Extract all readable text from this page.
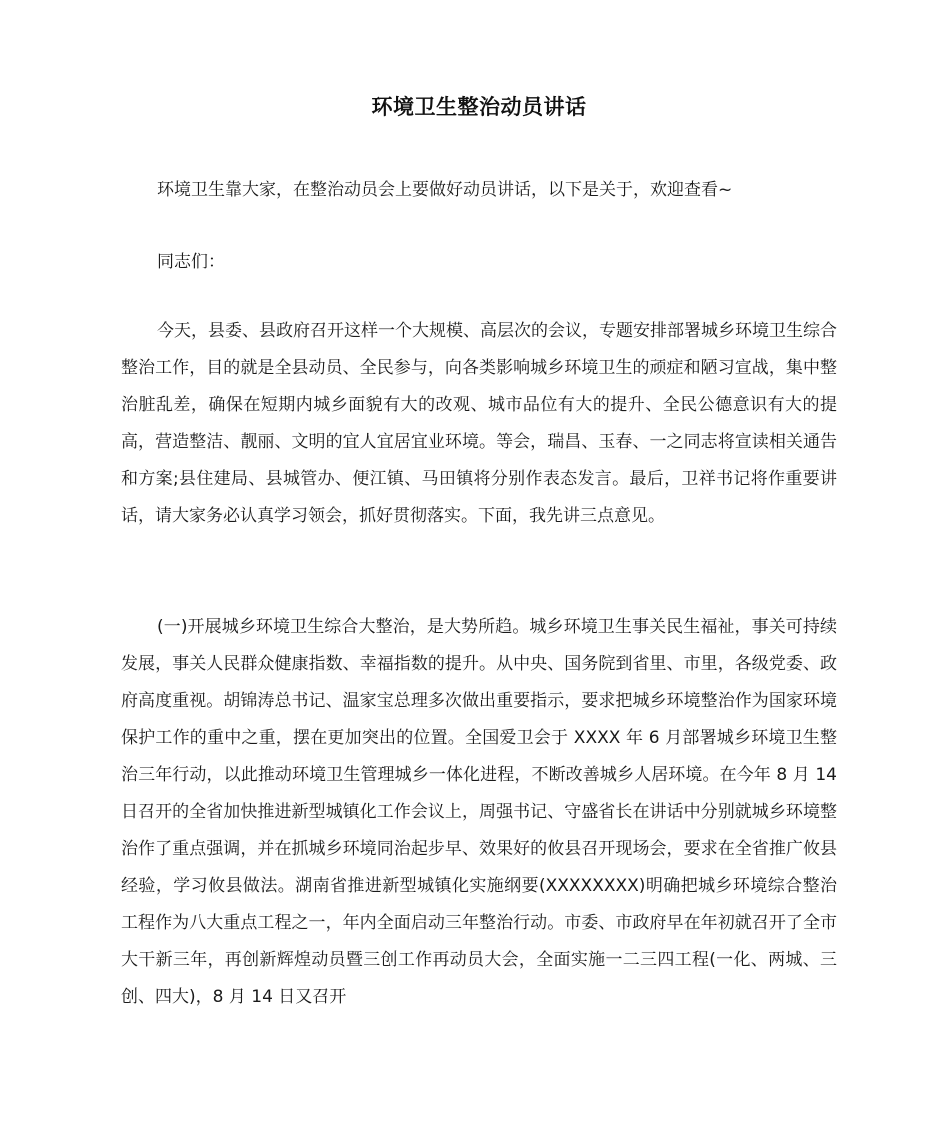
环境卫生整治动员讲话

环境卫生靠大家，在整治动员会上要做好动员讲话，以下是关于，欢迎查看~

同志们：

今天，县委、县政府召开这样一个大规模、高层次的会议，专题安排部署城乡环境卫生综合整治工作，目的就是全县动员、全民参与，向各类影响城乡环境卫生的顽症和陋习宣战，集中整治脏乱差，确保在短期内城乡面貌有大的改观、城市品位有大的提升、全民公德意识有大的提高，营造整洁、靓丽、文明的宜人宜居宜业环境。等会，瑞昌、玉春、一之同志将宣读相关通告和方案;县住建局、县城管办、便江镇、马田镇将分别作表态发言。最后，卫祥书记将作重要讲话，请大家务必认真学习领会，抓好贯彻落实。下面，我先讲三点意见。

(一)开展城乡环境卫生综合大整治，是大势所趋。城乡环境卫生事关民生福祉，事关可持续发展，事关人民群众健康指数、幸福指数的提升。从中央、国务院到省里、市里，各级党委、政府高度重视。胡锦涛总书记、温家宝总理多次做出重要指示，要求把城乡环境整治作为国家环境保护工作的重中之重，摆在更加突出的位置。全国爱卫会于 XXXX 年 6 月部署城乡环境卫生整治三年行动，以此推动环境卫生管理城乡一体化进程，不断改善城乡人居环境。在今年 8 月 14 日召开的全省加快推进新型城镇化工作会议上，周强书记、守盛省长在讲话中分别就城乡环境整治作了重点强调，并在抓城乡环境同治起步早、效果好的攸县召开现场会，要求在全省推广攸县经验，学习攸县做法。湖南省推进新型城镇化实施纲要(XXXXXXXX)明确把城乡环境综合整治工程作为八大重点工程之一，年内全面启动三年整治行动。市委、市政府早在年初就召开了全市大干新三年，再创新辉煌动员暨三创工作再动员大会，全面实施一二三四工程(一化、两城、三创、四大)，8 月 14 日又召开
